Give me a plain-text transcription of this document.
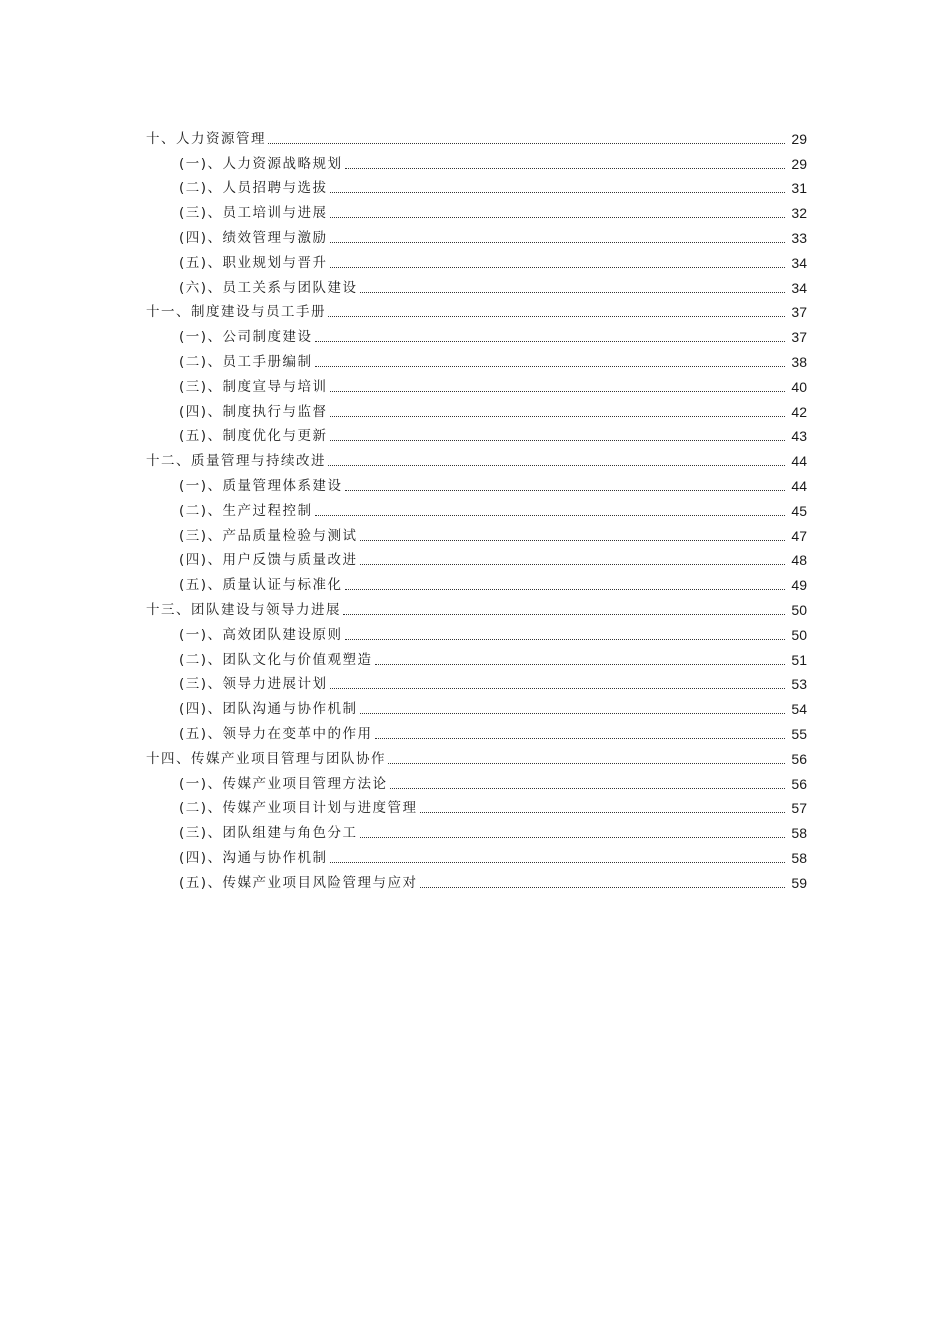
十、人力资源管理	29
(一)、人力资源战略规划	29
(二)、人员招聘与选拔	31
(三)、员工培训与进展	32
(四)、绩效管理与激励	33
(五)、职业规划与晋升	34
(六)、员工关系与团队建设	34
十一、制度建设与员工手册	37
(一)、公司制度建设	37
(二)、员工手册编制	38
(三)、制度宣导与培训	40
(四)、制度执行与监督	42
(五)、制度优化与更新	43
十二、质量管理与持续改进	44
(一)、质量管理体系建设	44
(二)、生产过程控制	45
(三)、产品质量检验与测试	47
(四)、用户反馈与质量改进	48
(五)、质量认证与标准化	49
十三、团队建设与领导力进展	50
(一)、高效团队建设原则	50
(二)、团队文化与价值观塑造	51
(三)、领导力进展计划	53
(四)、团队沟通与协作机制	54
(五)、领导力在变革中的作用	55
十四、传媒产业项目管理与团队协作	56
(一)、传媒产业项目管理方法论	56
(二)、传媒产业项目计划与进度管理	57
(三)、团队组建与角色分工	58
(四)、沟通与协作机制	58
(五)、传媒产业项目风险管理与应对	59
